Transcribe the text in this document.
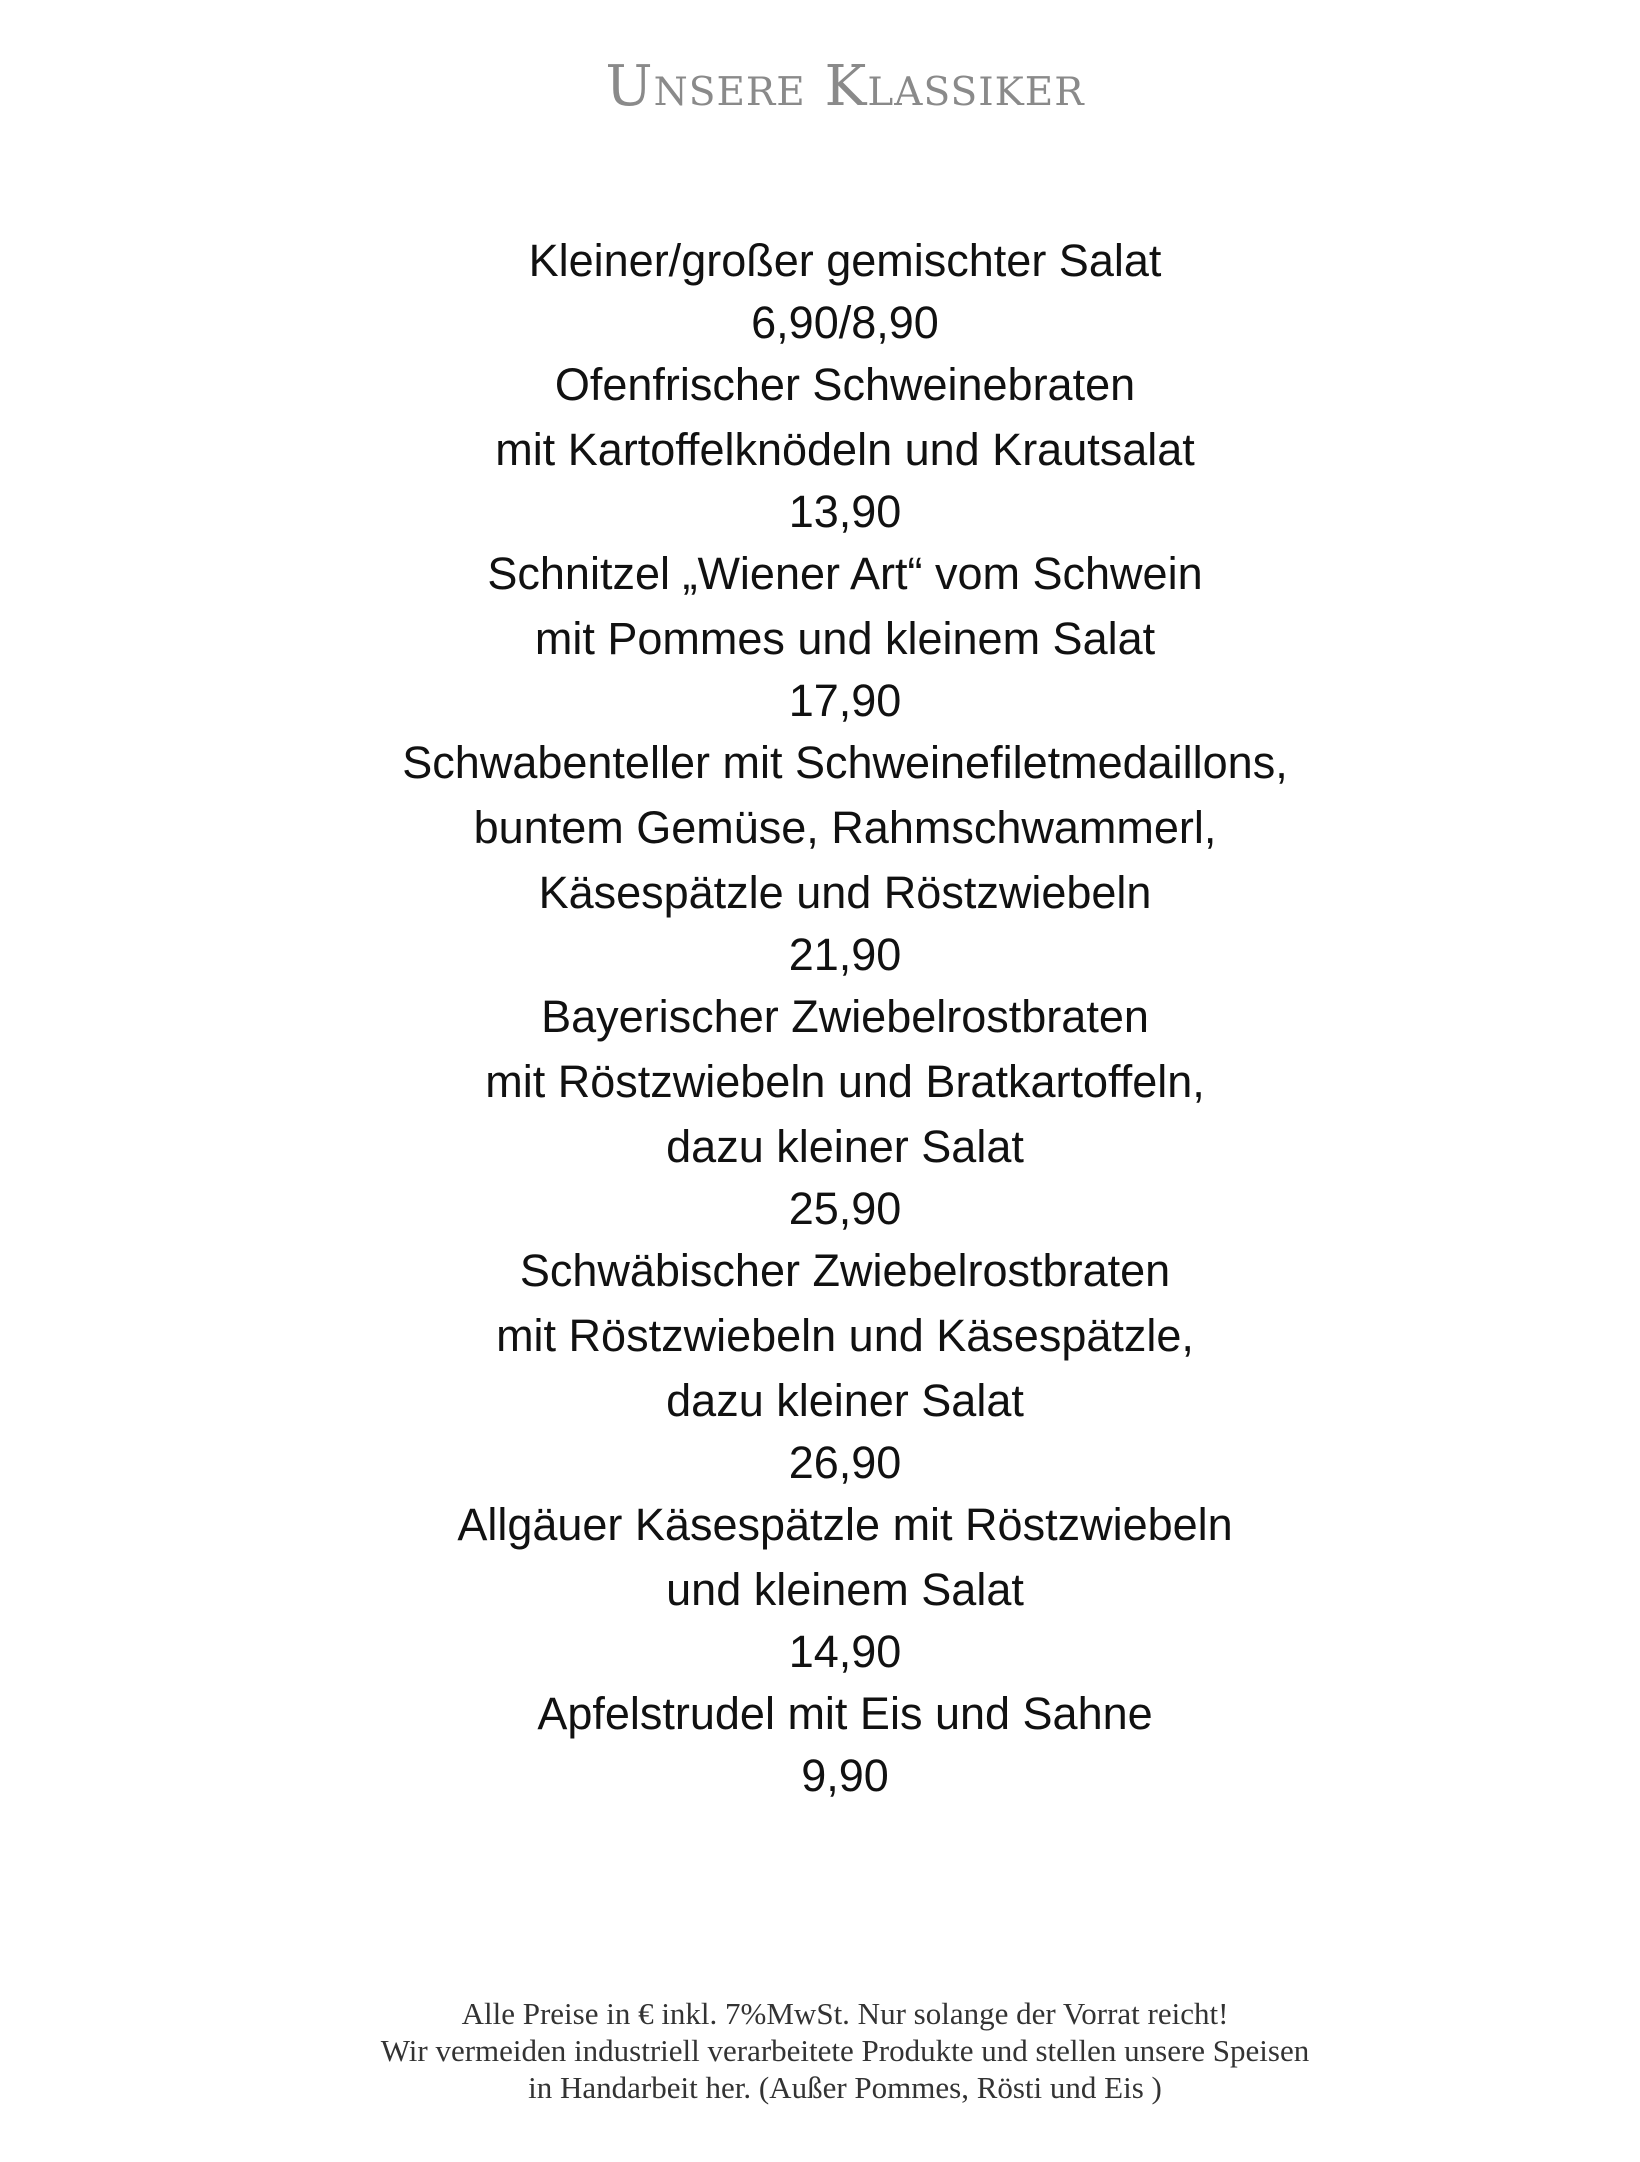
Unsere Klassiker
Kleiner/großer gemischter Salat
6,90/8,90
Ofenfrischer Schweinebraten
mit Kartoffelknödeln und Krautsalat
13,90
Schnitzel „Wiener Art“ vom Schwein
mit Pommes und kleinem Salat
17,90
Schwabenteller mit Schweinefiletmedaillons,
buntem Gemüse, Rahmschwammerl,
Käsespätzle und Röstzwiebeln
21,90
Bayerischer Zwiebelrostbraten
mit Röstzwiebeln und Bratkartoffeln,
dazu kleiner Salat
25,90
Schwäbischer Zwiebelrostbraten
mit Röstzwiebeln und Käsespätzle,
dazu kleiner Salat
26,90
Allgäuer Käsespätzle mit Röstzwiebeln
und kleinem Salat
14,90
Apfelstrudel mit Eis und Sahne
9,90
Alle Preise in € inkl. 7%MwSt. Nur solange der Vorrat reicht!
Wir vermeiden industriell verarbeitete Produkte und stellen unsere Speisen
in Handarbeit her. (Außer Pommes, Rösti und Eis )
